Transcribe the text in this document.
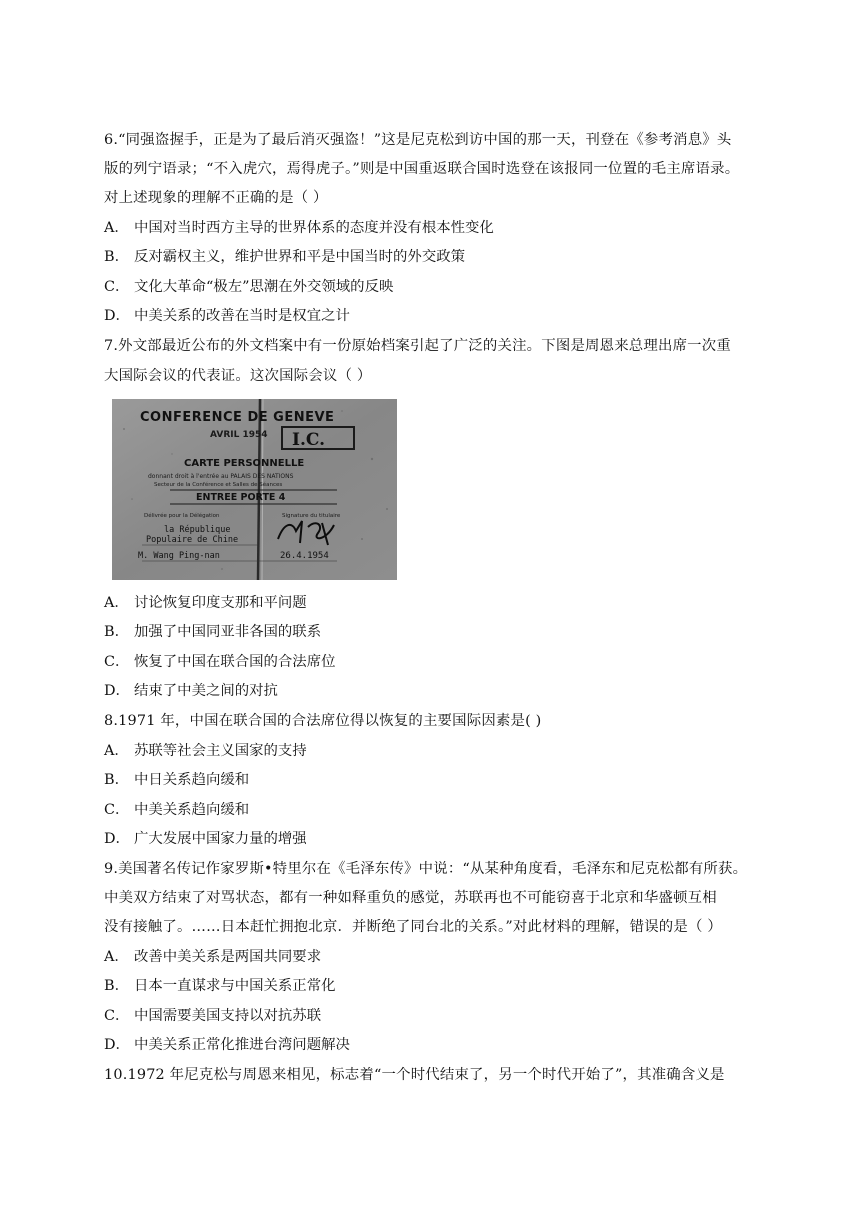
6.“同强盗握手，正是为了最后消灭强盗！”这是尼克松到访中国的那一天，刊登在《参考消息》头
版的列宁语录；“不入虎穴，焉得虎子。”则是中国重返联合国时选登在该报同一位置的毛主席语录。
对上述现象的理解不正确的是（ ）
A． 中国对当时西方主导的世界体系的态度并没有根本性变化
B． 反对霸权主义，维护世界和平是中国当时的外交政策
C． 文化大革命“极左”思潮在外交领域的反映
D． 中美关系的改善在当时是权宜之计
7.外文部最近公布的外文档案中有一份原始档案引起了广泛的关注。下图是周恩来总理出席一次重
大国际会议的代表证。这次国际会议（ ）
I.C.
CONFERENCE DE GENEVE
AVRIL 1954
CARTE PERSONNELLE
donnant droit à l'entrée au PALAIS DES NATIONS
Secteur de la Conférence et Salles de Séances
ENTREE PORTE 4
Délivrée pour la Délégation	Signature du titulaire
la République
Populaire de Chine
M. Wang Ping-nan	26.4.1954
A． 讨论恢复印度支那和平问题
B． 加强了中国同亚非各国的联系
C． 恢复了中国在联合国的合法席位
D． 结束了中美之间的对抗
8.1971 年，中国在联合国的合法席位得以恢复的主要国际因素是( )
A． 苏联等社会主义国家的支持
B． 中日关系趋向缓和
C． 中美关系趋向缓和
D． 广大发展中国家力量的增强
9.美国著名传记作家罗斯•特里尔在《毛泽东传》中说：“从某种角度看，毛泽东和尼克松都有所获。
中美双方结束了对骂状态，都有一种如释重负的感觉，苏联再也不可能窃喜于北京和华盛顿互相
没有接触了。……日本赶忙拥抱北京．并断绝了同台北的关系。”对此材料的理解，错误的是（ ）
A． 改善中美关系是两国共同要求
B． 日本一直谋求与中国关系正常化
C． 中国需要美国支持以对抗苏联
D． 中美关系正常化推进台湾问题解决
10.1972 年尼克松与周恩来相见，标志着“一个时代结束了，另一个时代开始了”，其准确含义是
